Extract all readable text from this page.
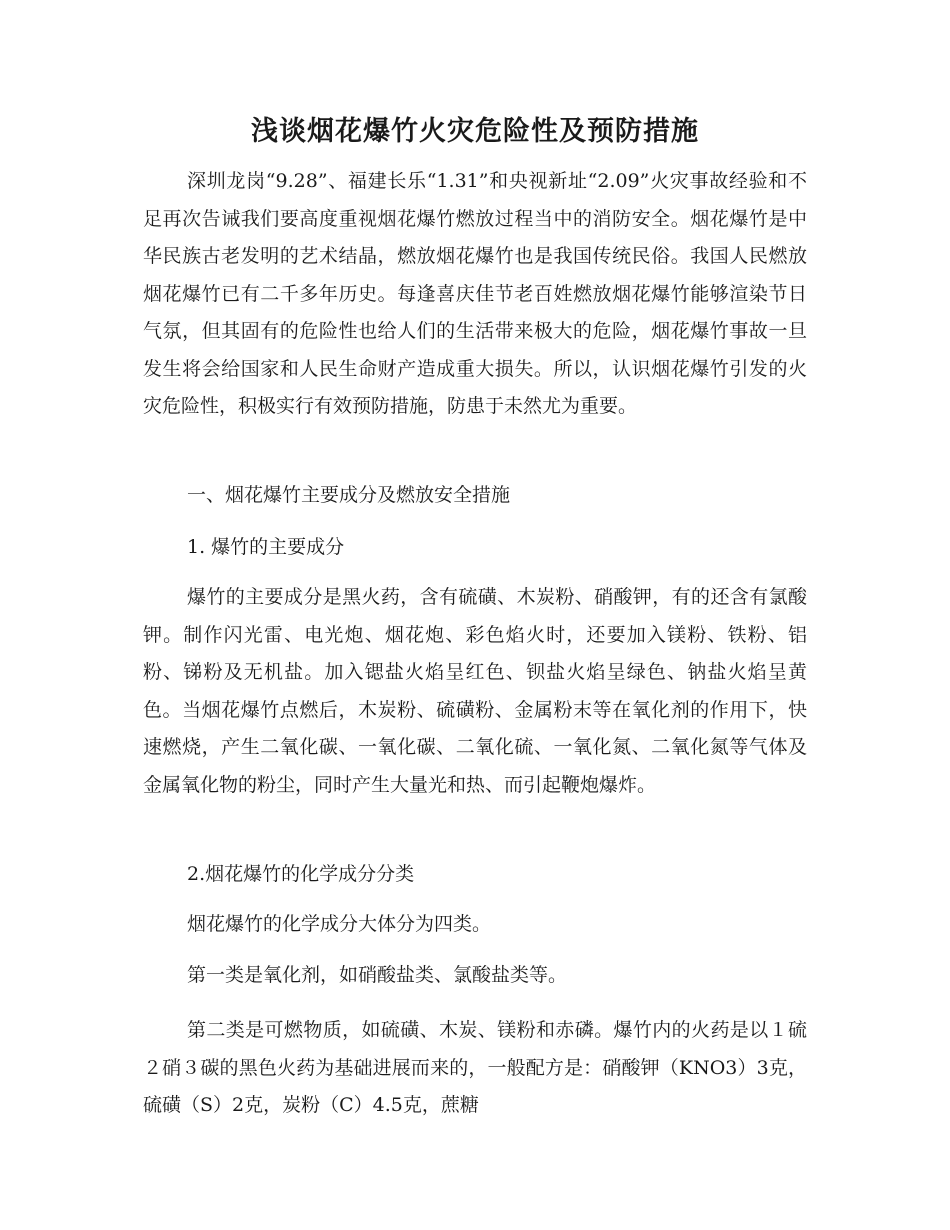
浅谈烟花爆竹火灾危险性及预防措施

深圳龙岗“9.28”、福建长乐“1.31”和央视新址“2.09”火灾事故经验和不足再次告诫我们要高度重视烟花爆竹燃放过程当中的消防安全。烟花爆竹是中华民族古老发明的艺术结晶，燃放烟花爆竹也是我国传统民俗。我国人民燃放烟花爆竹已有二千多年历史。每逢喜庆佳节老百姓燃放烟花爆竹能够渲染节日气氛，但其固有的危险性也给人们的生活带来极大的危险，烟花爆竹事故一旦发生将会给国家和人民生命财产造成重大损失。所以，认识烟花爆竹引发的火灾危险性，积极实行有效预防措施，防患于未然尤为重要。

一、烟花爆竹主要成分及燃放安全措施

1. 爆竹的主要成分

爆竹的主要成分是黑火药，含有硫磺、木炭粉、硝酸钾，有的还含有氯酸钾。制作闪光雷、电光炮、烟花炮、彩色焰火时，还要加入镁粉、铁粉、铝粉、锑粉及无机盐。加入锶盐火焰呈红色、钡盐火焰呈绿色、钠盐火焰呈黄色。当烟花爆竹点燃后，木炭粉、硫磺粉、金属粉末等在氧化剂的作用下，快速燃烧，产生二氧化碳、一氧化碳、二氧化硫、一氧化氮、二氧化氮等气体及金属氧化物的粉尘，同时产生大量光和热、而引起鞭炮爆炸。

2.烟花爆竹的化学成分分类

烟花爆竹的化学成分大体分为四类。

第一类是氧化剂，如硝酸盐类、氯酸盐类等。

第二类是可燃物质，如硫磺、木炭、镁粉和赤磷。爆竹内的火药是以１硫２硝３碳的黑色火药为基础进展而来的，一般配方是：硝酸钾（KNO3）3克，硫磺（S）2克，炭粉（C）4.5克，蔗糖
